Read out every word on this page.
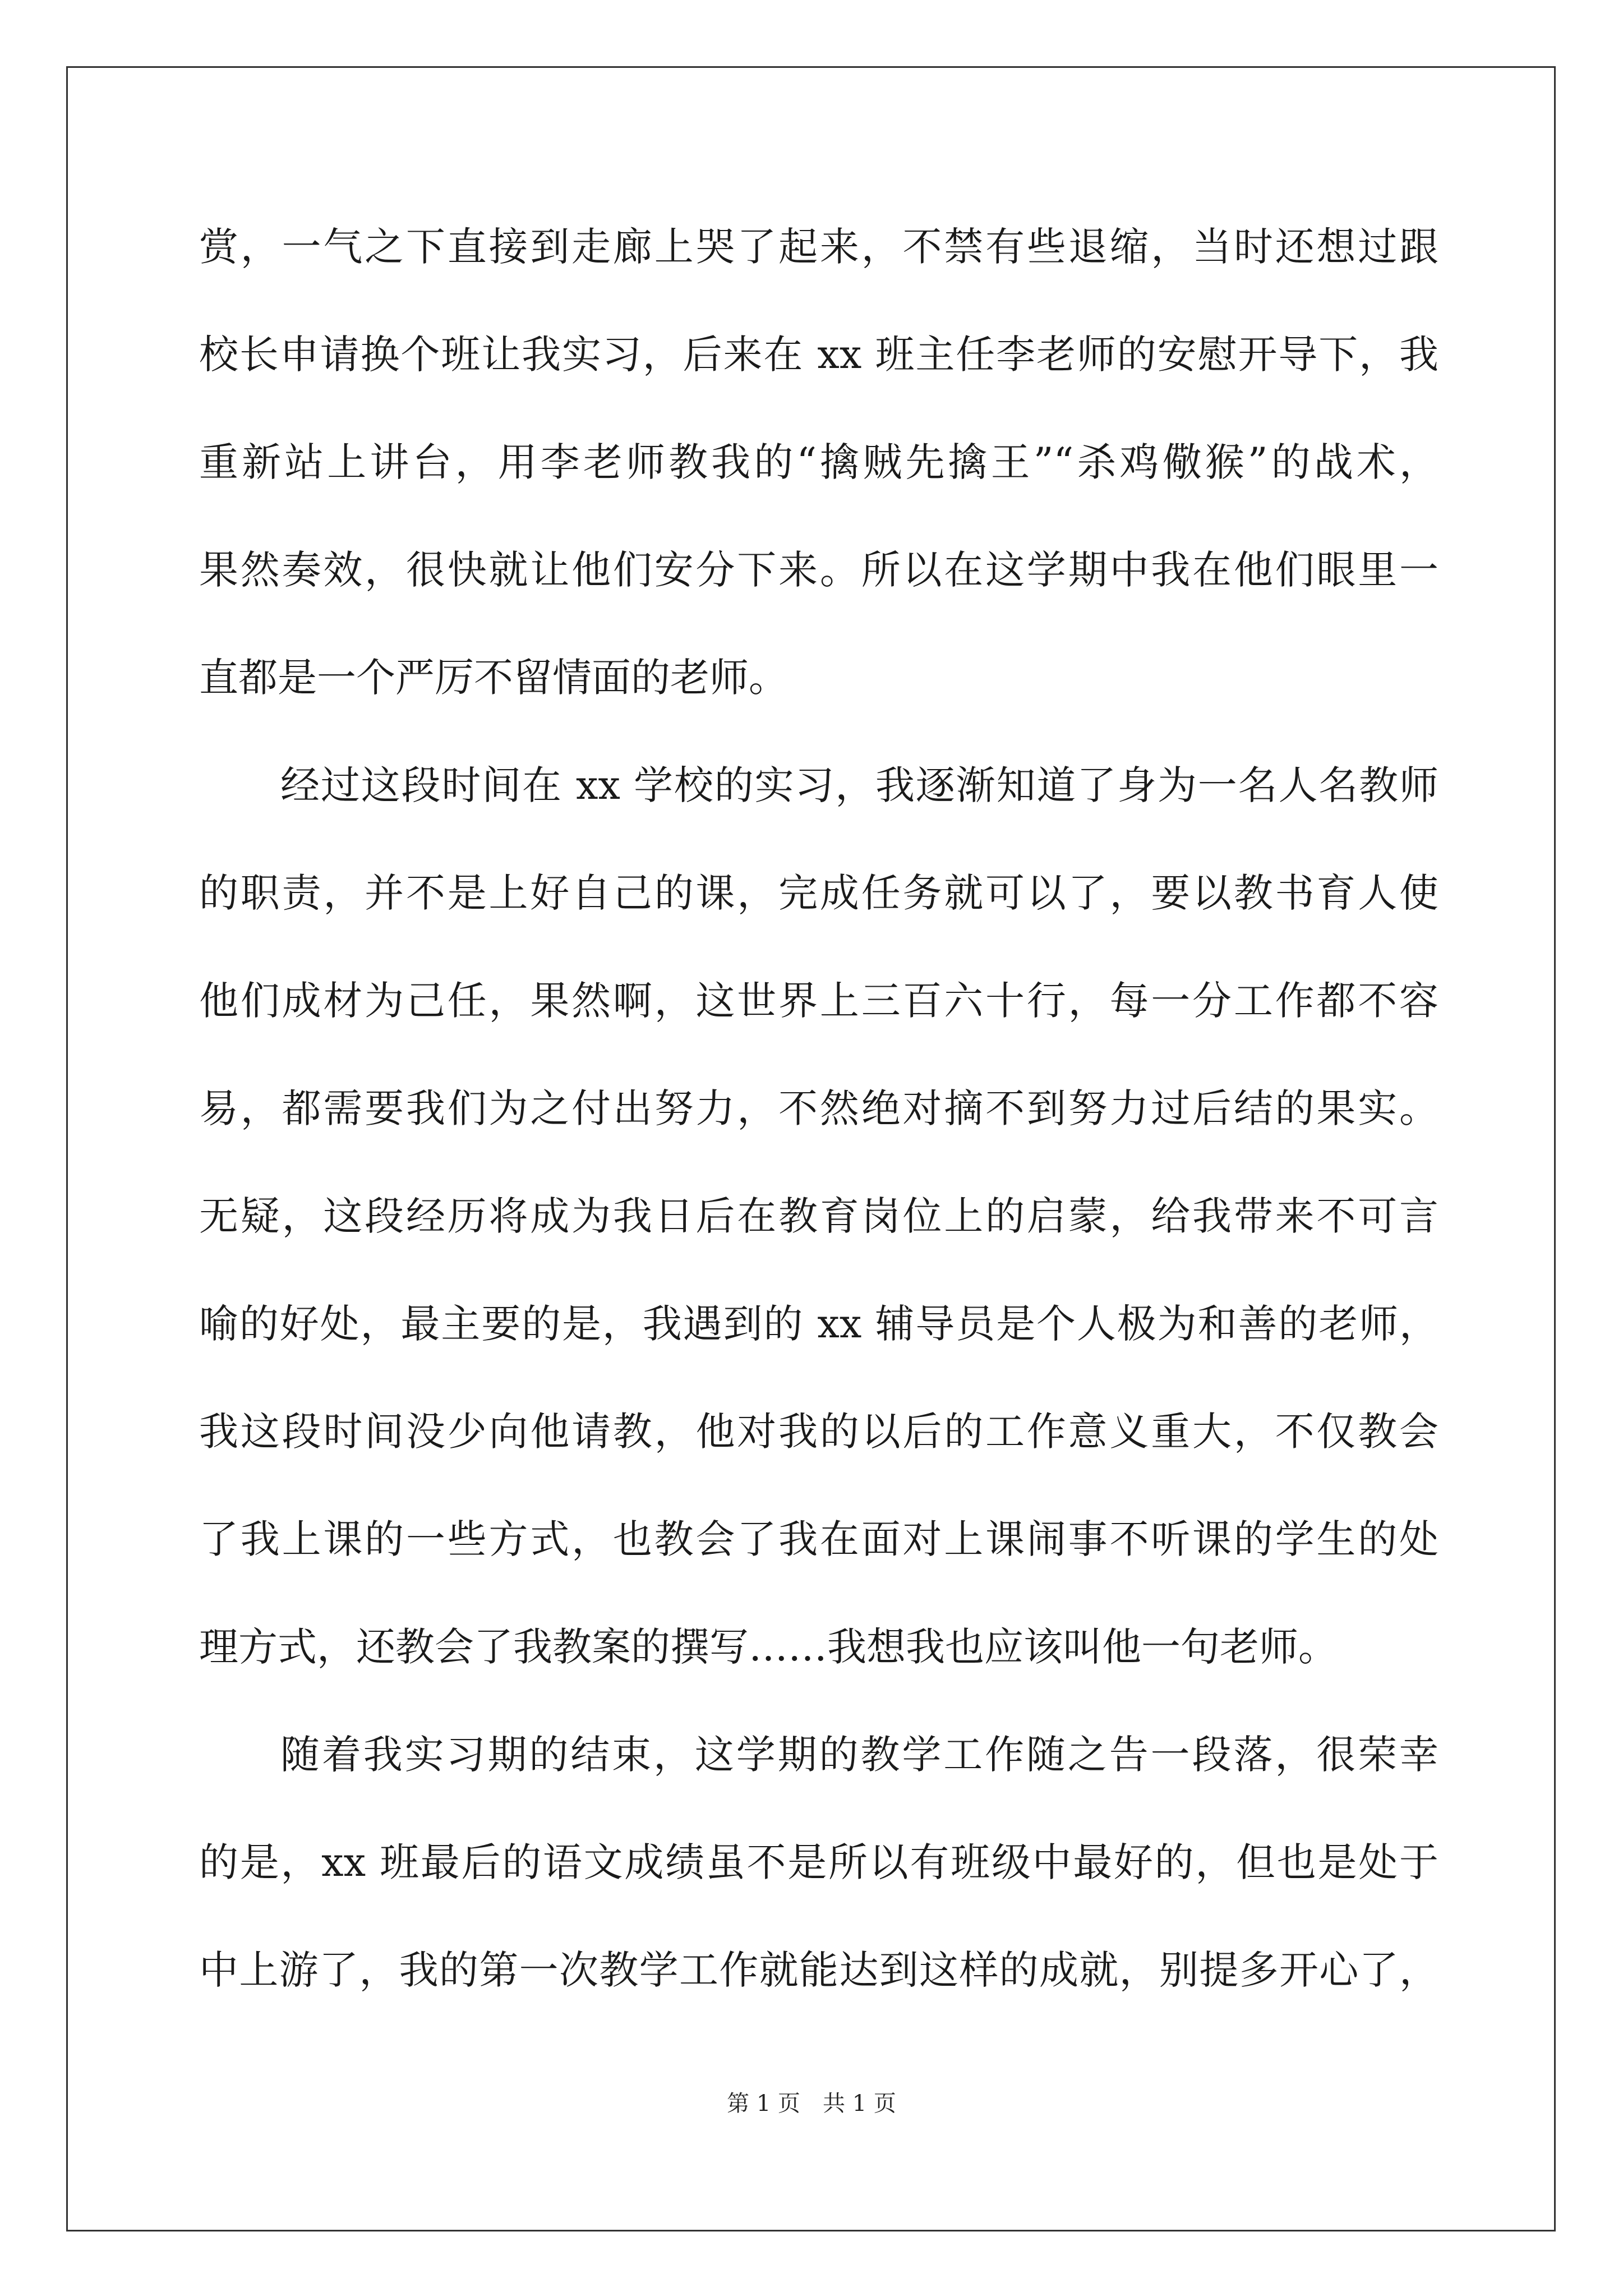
赏，一气之下直接到走廊上哭了起来，不禁有些退缩，当时还想过跟
校长申请换个班让我实习，后来在 xx 班主任李老师的安慰开导下，我
重新站上讲台，用李老师教我的“擒贼先擒王”“杀鸡儆猴”的战术，
果然奏效，很快就让他们安分下来。所以在这学期中我在他们眼里一
直都是一个严厉不留情面的老师。
经过这段时间在 xx 学校的实习，我逐渐知道了身为一名人名教师
的职责，并不是上好自己的课，完成任务就可以了，要以教书育人使
他们成材为己任，果然啊，这世界上三百六十行，每一分工作都不容
易，都需要我们为之付出努力，不然绝对摘不到努力过后结的果实。
无疑，这段经历将成为我日后在教育岗位上的启蒙，给我带来不可言
喻的好处，最主要的是，我遇到的 xx 辅导员是个人极为和善的老师，
我这段时间没少向他请教，他对我的以后的工作意义重大，不仅教会
了我上课的一些方式，也教会了我在面对上课闹事不听课的学生的处
理方式，还教会了我教案的撰写……我想我也应该叫他一句老师。
随着我实习期的结束，这学期的教学工作随之告一段落，很荣幸
的是，xx 班最后的语文成绩虽不是所以有班级中最好的，但也是处于
中上游了，我的第一次教学工作就能达到这样的成就，别提多开心了，
第 1 页 共 1 页
